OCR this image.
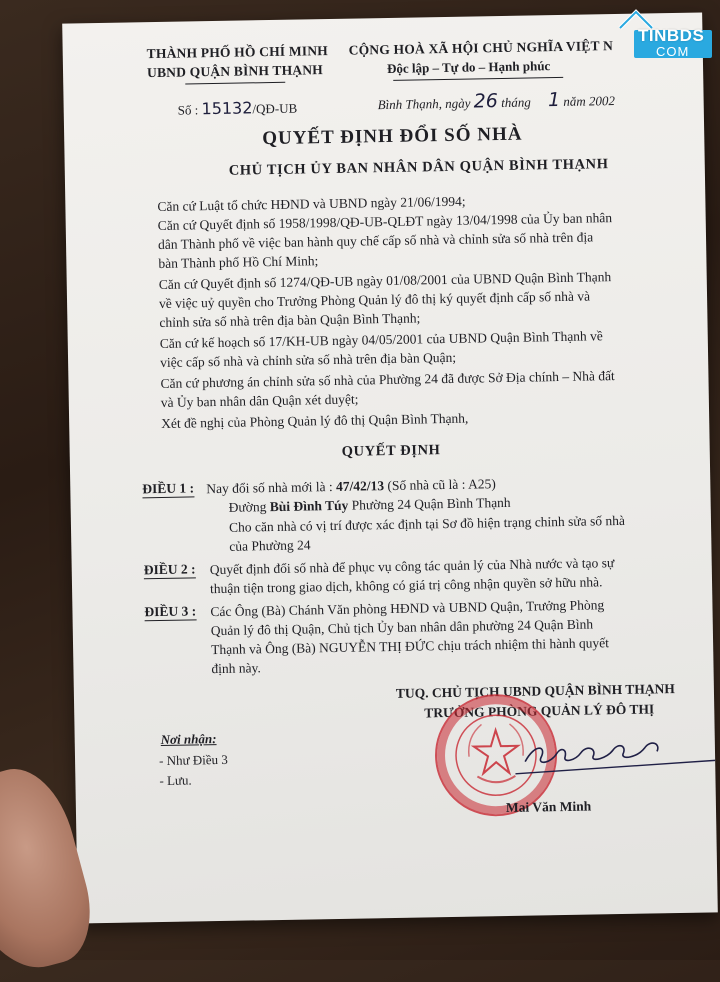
THÀNH PHỐ HỒ CHÍ MINH
UBND QUẬN BÌNH THẠNH
CỘNG HOÀ XÃ HỘI CHỦ NGHĨA VIỆT N
Độc lập – Tự do – Hạnh phúc
Số : 15132/QĐ-UB	Bình Thạnh, ngày 26 tháng 1 năm 2002
QUYẾT ĐỊNH ĐỔI SỐ NHÀ
CHỦ TỊCH ỦY BAN NHÂN DÂN QUẬN BÌNH THẠNH
Căn cứ Luật tổ chức HĐND và UBND ngày 21/06/1994;
Căn cứ Quyết định số 1958/1998/QĐ-UB-QLĐT ngày 13/04/1998 của Ủy ban nhân
dân Thành phố về việc ban hành quy chế cấp số nhà và chỉnh sửa số nhà trên địa
bàn Thành phố Hồ Chí Minh;
Căn cứ Quyết định số 1274/QĐ-UB ngày 01/08/2001 của UBND Quận Bình Thạnh
về việc uỷ quyền cho Trưởng Phòng Quản lý đô thị ký quyết định cấp số nhà và
chỉnh sửa số nhà trên địa bàn Quận Bình Thạnh;
Căn cứ kế hoạch số 17/KH-UB ngày 04/05/2001 của UBND Quận Bình Thạnh về
việc cấp số nhà và chỉnh sửa số nhà trên địa bàn Quận;
Căn cứ phương án chỉnh sửa số nhà của Phường 24 đã được Sở Địa chính – Nhà đất
và Ủy ban nhân dân Quận xét duyệt;
Xét đề nghị của Phòng Quản lý đô thị Quận Bình Thạnh,
QUYẾT ĐỊNH
ĐIỀU 1 : Nay đổi số nhà mới là : 47/42/13 (Số nhà cũ là : A25)
Đường Bùi Đình Túy Phường 24 Quận Bình Thạnh
Cho căn nhà có vị trí được xác định tại Sơ đồ hiện trạng chỉnh sửa số nhà
của Phường 24
ĐIỀU 2 : Quyết định đổi số nhà để phục vụ công tác quản lý của Nhà nước và tạo sự
thuận tiện trong giao dịch, không có giá trị công nhận quyền sở hữu nhà.
ĐIỀU 3 : Các Ông (Bà) Chánh Văn phòng HĐND và UBND Quận, Trưởng Phòng
Quản lý đô thị Quận, Chủ tịch Ủy ban nhân dân phường 24 Quận Bình
Thạnh và Ông (Bà) NGUYỄN THỊ ĐỨC chịu trách nhiệm thi hành quyết
định này.
TUQ. CHỦ TỊCH UBND QUẬN BÌNH THẠNH
TRƯỞNG PHÒNG QUẢN LÝ ĐÔ THỊ
Nơi nhận:
- Như Điều 3
- Lưu.
Mai Văn Minh
TINBDS
COM
